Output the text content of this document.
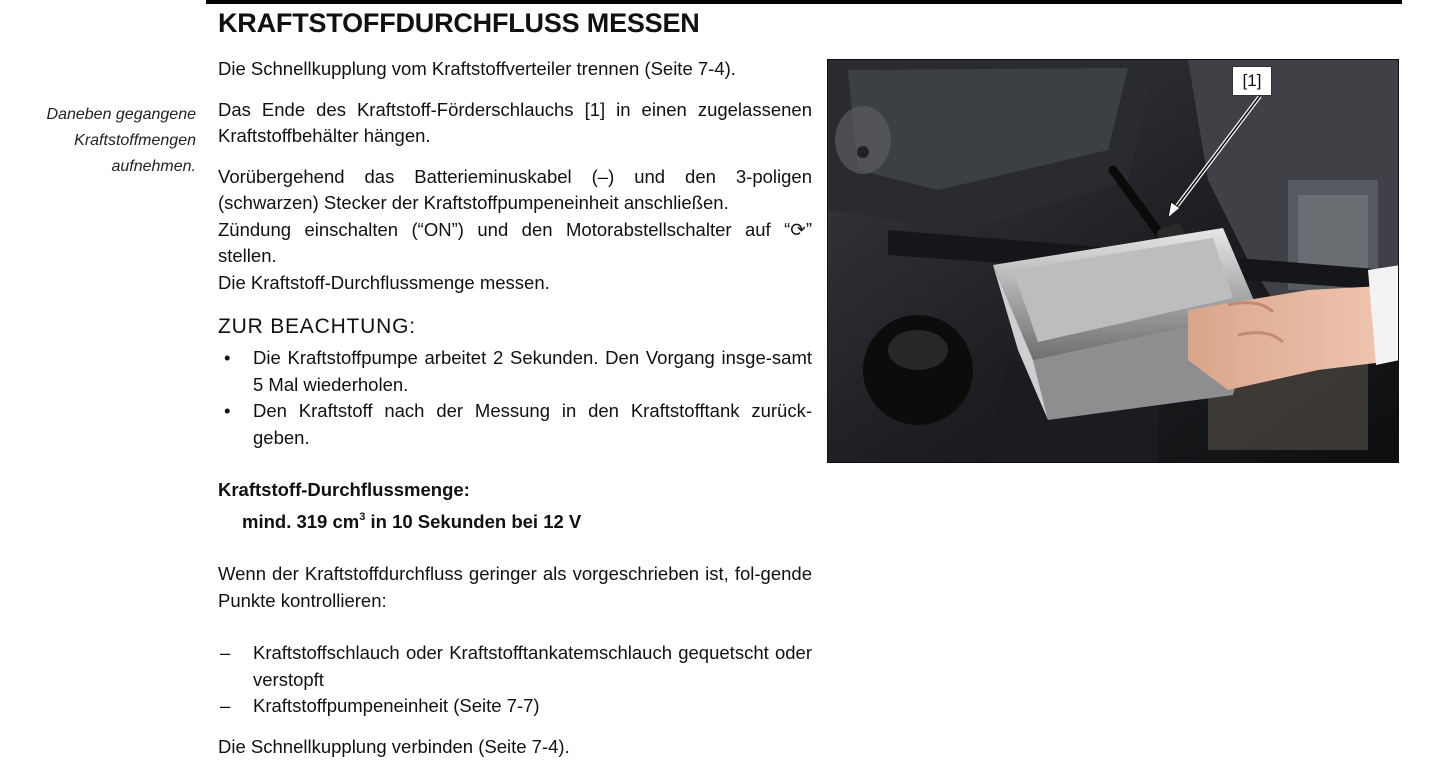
KRAFTSTOFFDURCHFLUSS MESSEN
Daneben gegangene
Kraftstoffmengen
aufnehmen.

Die Schnellkupplung vom Kraftstoffverteiler trennen (Seite 7-4).

Das Ende des Kraftstoff-Förderschlauchs [1] in einen zugelassenen Kraftstoffbehälter hängen.

Vorübergehend das Batterieminuskabel (–) und den 3-poligen (schwarzen) Stecker der Kraftstoffpumpeneinheit anschließen.

Zündung einschalten (“ON”) und den Motorabstellschalter auf “⟳” stellen.

Die Kraftstoff-Durchflussmenge messen.

ZUR BEACHTUNG:
• Die Kraftstoffpumpe arbeitet 2 Sekunden. Den Vorgang insge-samt 5 Mal wiederholen.
• Den Kraftstoff nach der Messung in den Kraftstofftank zurück-geben.
Kraftstoff-Durchflussmenge:
mind. 319 $cm^3$ in 10 Sekunden bei 12 V

Wenn der Kraftstoffdurchfluss geringer als vorgeschrieben ist, fol-gende Punkte kontrollieren:

– Kraftstoffschlauch oder Kraftstofftankatemschlauch gequetscht oder verstopft
– Kraftstoffpumpeneinheit (Seite 7-7)

Die Schnellkupplung verbinden (Seite 7-4).

[1]
